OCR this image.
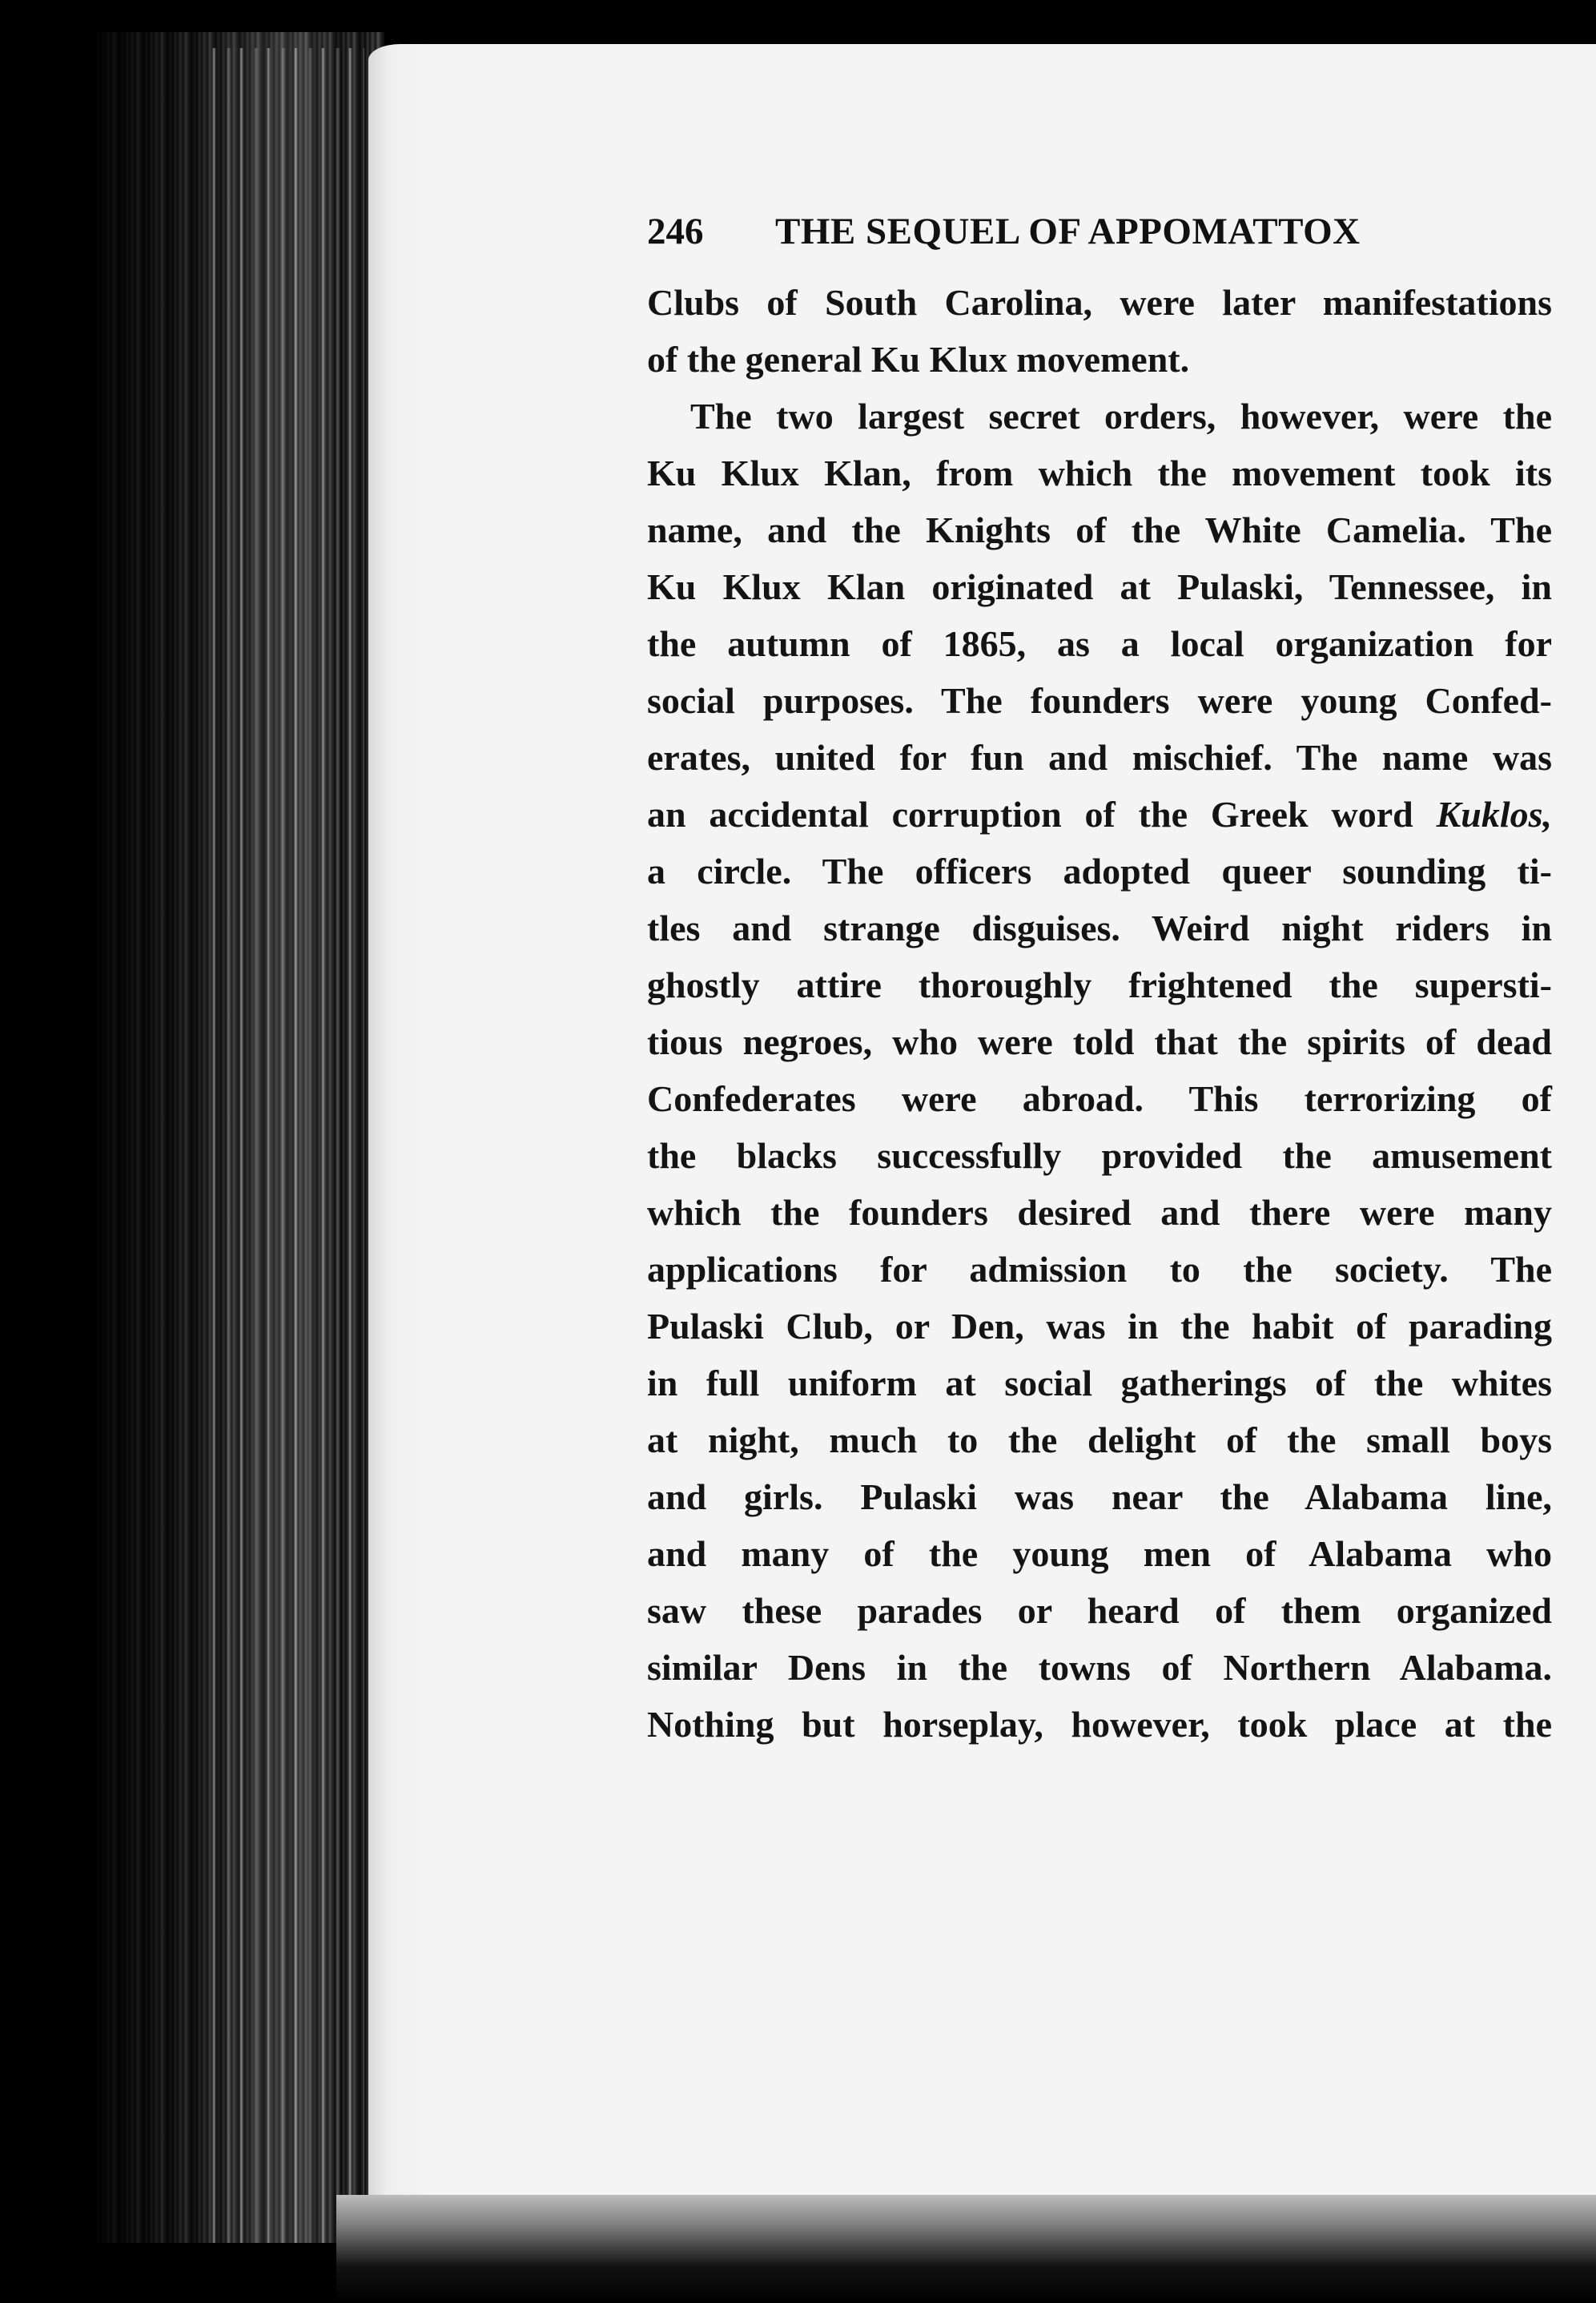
246 THE SEQUEL OF APPOMATTOX
Clubs of South Carolina, were later manifestations
of the general Ku Klux movement.
The two largest secret orders, however, were the
Ku Klux Klan, from which the movement took its
name, and the Knights of the White Camelia. The
Ku Klux Klan originated at Pulaski, Tennessee, in
the autumn of 1865, as a local organization for
social purposes. The founders were young Confed-
erates, united for fun and mischief. The name was
an accidental corruption of the Greek word Kuklos,
a circle. The officers adopted queer sounding ti-
tles and strange disguises. Weird night riders in
ghostly attire thoroughly frightened the supersti-
tious negroes, who were told that the spirits of dead
Confederates were abroad. This terrorizing of
the blacks successfully provided the amusement
which the founders desired and there were many
applications for admission to the society. The
Pulaski Club, or Den, was in the habit of parading
in full uniform at social gatherings of the whites
at night, much to the delight of the small boys
and girls. Pulaski was near the Alabama line,
and many of the young men of Alabama who
saw these parades or heard of them organized
similar Dens in the towns of Northern Alabama.
Nothing but horseplay, however, took place at the
